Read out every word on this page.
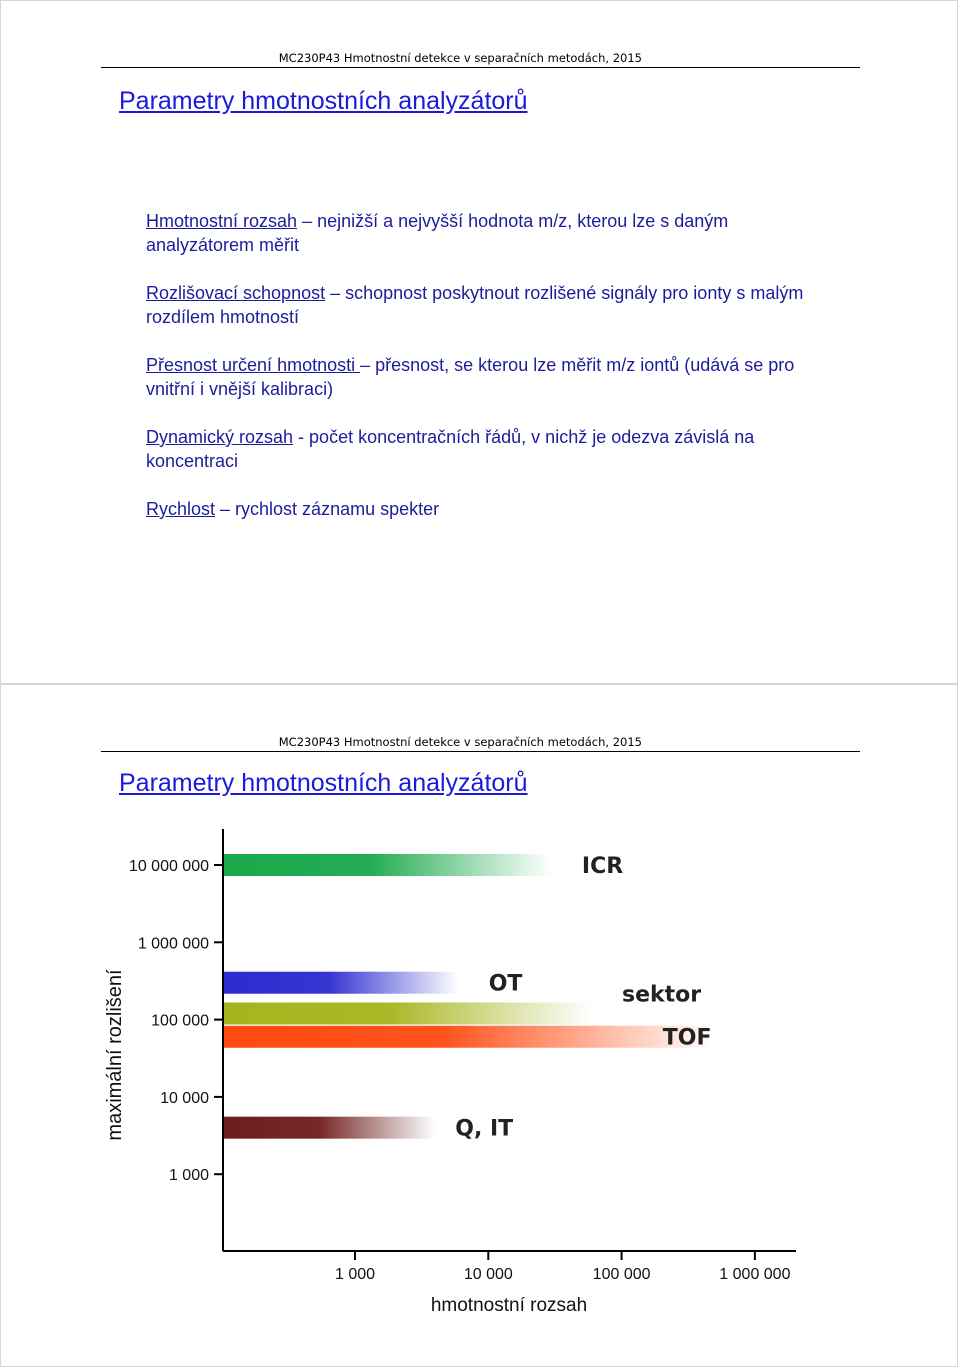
MC230P43 Hmotnostní detekce v separačních metodách, 2015
Parametry hmotnostních analyzátorů
Hmotnostní rozsah – nejnižší a nejvyšší hodnota m/z, kterou lze s daným analyzátorem měřit
Rozlišovací schopnost – schopnost poskytnout rozlišené signály pro ionty s malým rozdílem hmotností
Přesnost určení hmotnosti – přesnost, se kterou lze měřit m/z iontů (udává se pro vnitřní i vnější kalibraci)
Dynamický rozsah - počet koncentračních řádů, v nichž je odezva závislá na koncentraci
Rychlost – rychlost záznamu spekter
MC230P43 Hmotnostní detekce v separačních metodách, 2015
Parametry hmotnostních analyzátorů
10 000 000
1 000 000
100 000
10 000
1 000
1 000	10 000	100 000	1 000 000
hmotnostní rozsah
maximální rozlišení
ICR
OT	sektor
TOF
Q, IT
